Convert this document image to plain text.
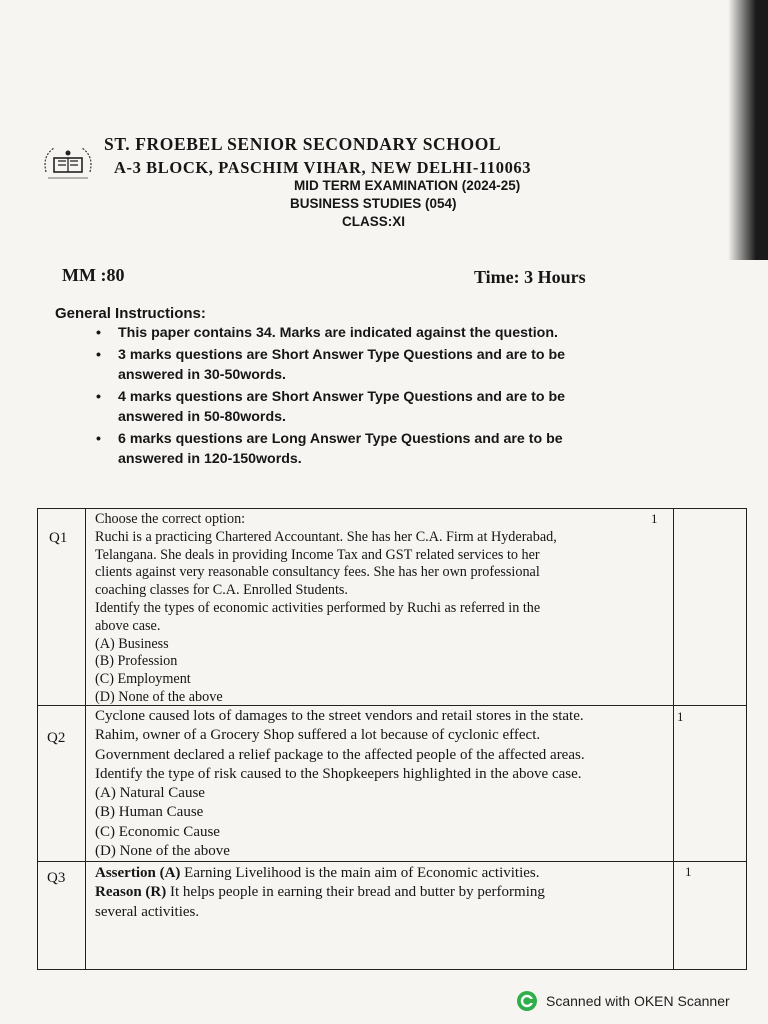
ST. FROEBEL SENIOR SECONDARY SCHOOL
A-3 BLOCK, PASCHIM VIHAR, NEW DELHI-110063
MID TERM EXAMINATION (2024-25)
BUSINESS STUDIES (054)
CLASS:XI
MM :80	Time: 3 Hours
General Instructions:
• This paper contains 34. Marks are indicated against the question.
• 3 marks questions are Short Answer Type Questions and are to be answered in 30-50words.
• 4 marks questions are Short Answer Type Questions and are to be answered in 50-80words.
• 6 marks questions are Long Answer Type Questions and are to be answered in 120-150words.
Q1
1
Choose the correct option:
Ruchi is a practicing Chartered Accountant. She has her C.A. Firm at Hyderabad,
Telangana. She deals in providing Income Tax and GST related services to her
clients against very reasonable consultancy fees. She has her own professional
coaching classes for C.A. Enrolled Students.
Identify the types of economic activities performed by Ruchi as referred in the
above case.
(A) Business
(B) Profession
(C) Employment
(D) None of the above
Q2
1
Cyclone caused lots of damages to the street vendors and retail stores in the state.
Rahim, owner of a Grocery Shop suffered a lot because of cyclonic effect.
Government declared a relief package to the affected people of the affected areas.
Identify the type of risk caused to the Shopkeepers highlighted in the above case.
(A) Natural Cause
(B) Human Cause
(C) Economic Cause
(D) None of the above
Q3	1
Assertion (A) Earning Livelihood is the main aim of Economic activities.
Reason (R) It helps people in earning their bread and butter by performing
several activities.
Scanned with OKEN Scanner
